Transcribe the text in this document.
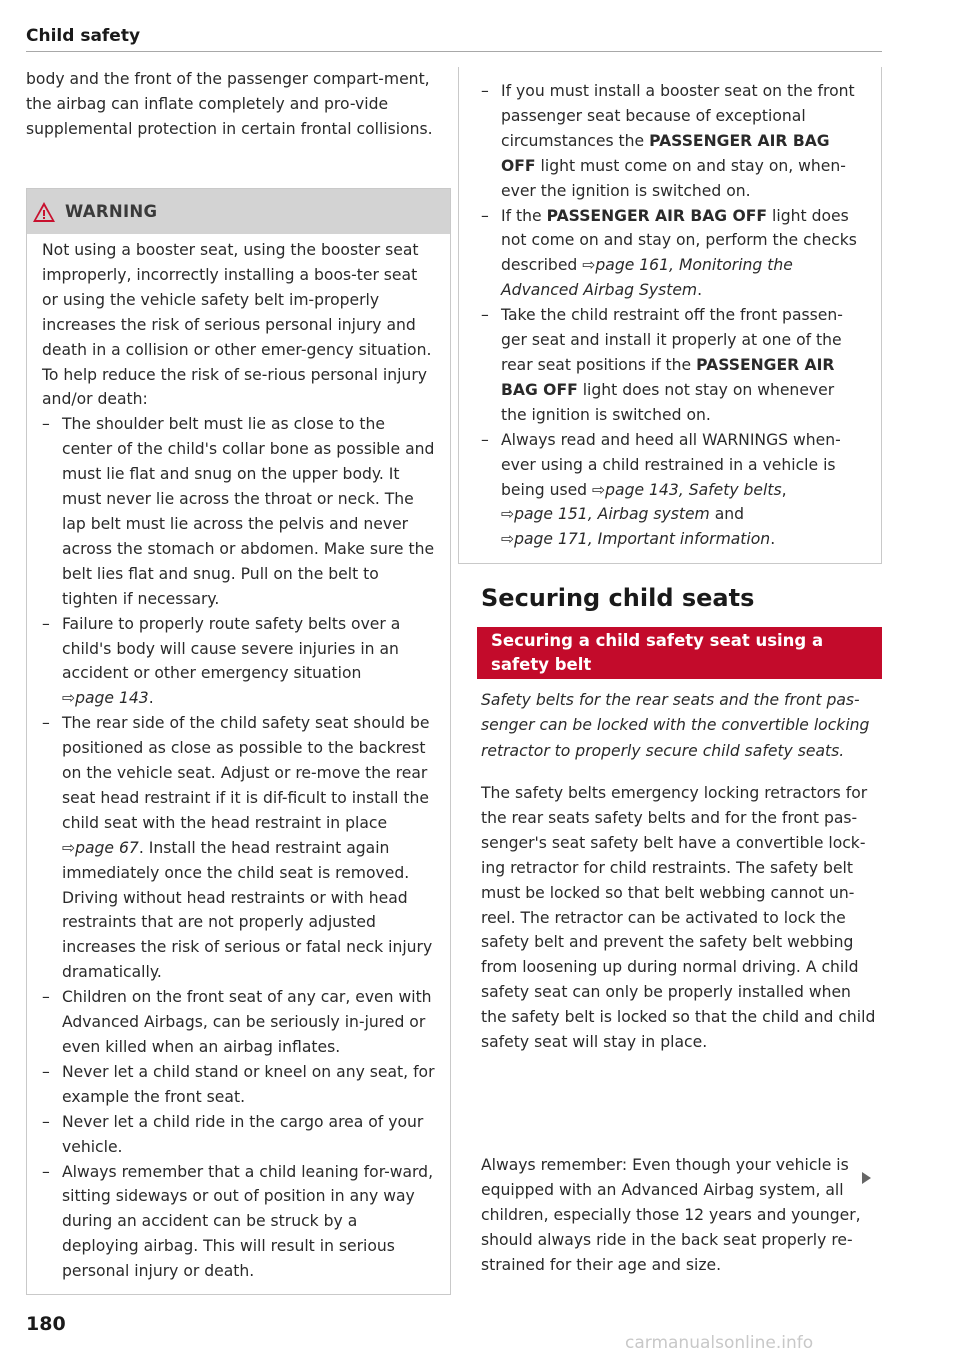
Child safety

body and the front of the passenger compart-ment, the airbag can inflate completely and pro-vide supplemental protection in certain frontal collisions.

WARNING

Not using a booster seat, using the booster seat improperly, incorrectly installing a boos-ter seat or using the vehicle safety belt im-properly increases the risk of serious personal injury and death in a collision or other emer-gency situation. To help reduce the risk of se-rious personal injury and/or death:

– The shoulder belt must lie as close to the center of the child's collar bone as possible and must lie flat and snug on the upper body. It must never lie across the throat or neck. The lap belt must lie across the pelvis and never across the stomach or abdomen. Make sure the belt lies flat and snug. Pull on the belt to tighten if necessary.
– Failure to properly route safety belts over a child's body will cause severe injuries in an accident or other emergency situation
⇨page 143.
– The rear side of the child safety seat should be positioned as close as possible to the backrest on the vehicle seat. Adjust or re-move the rear seat head restraint if it is dif-ficult to install the child seat with the head restraint in place ⇨page 67. Install the head restraint again immediately once the child seat is removed. Driving without head restraints or with head restraints that are not properly adjusted increases the risk of serious or fatal neck injury dramatically.
– Children on the front seat of any car, even with Advanced Airbags, can be seriously in-jured or even killed when an airbag inflates.
– Never let a child stand or kneel on any seat, for example the front seat.
– Never let a child ride in the cargo area of your vehicle.
– Always remember that a child leaning for-ward, sitting sideways or out of position in any way during an accident can be struck by a deploying airbag. This will result in serious personal injury or death.
– If you must install a booster seat on the front passenger seat because of exceptional circumstances the PASSENGER AIR BAG OFF light must come on and stay on, when-ever the ignition is switched on.
– If the PASSENGER AIR BAG OFF light does not come on and stay on, perform the checks described ⇨page 161, Monitoring the Advanced Airbag System.
– Take the child restraint off the front passen-ger seat and install it properly at one of the rear seat positions if the PASSENGER AIR BAG OFF light does not stay on whenever the ignition is switched on.
– Always read and heed all WARNINGS when-ever using a child restrained in a vehicle is being used ⇨page 143, Safety belts,
⇨page 151, Airbag system and
⇨page 171, Important information.
Securing child seats
Securing a child safety seat using a safety belt
Safety belts for the rear seats and the front pas-senger can be locked with the convertible locking retractor to properly secure child safety seats.

The safety belts emergency locking retractors for the rear seats safety belts and for the front pas-senger's seat safety belt have a convertible lock-ing retractor for child restraints. The safety belt must be locked so that belt webbing cannot un-reel. The retractor can be activated to lock the safety belt and prevent the safety belt webbing from loosening up during normal driving. A child safety seat can only be properly installed when the safety belt is locked so that the child and child safety seat will stay in place.

Always remember: Even though your vehicle is equipped with an Advanced Airbag system, all children, especially those 12 years and younger, should always ride in the back seat properly re-strained for their age and size.

180
carmanualsonline.info
